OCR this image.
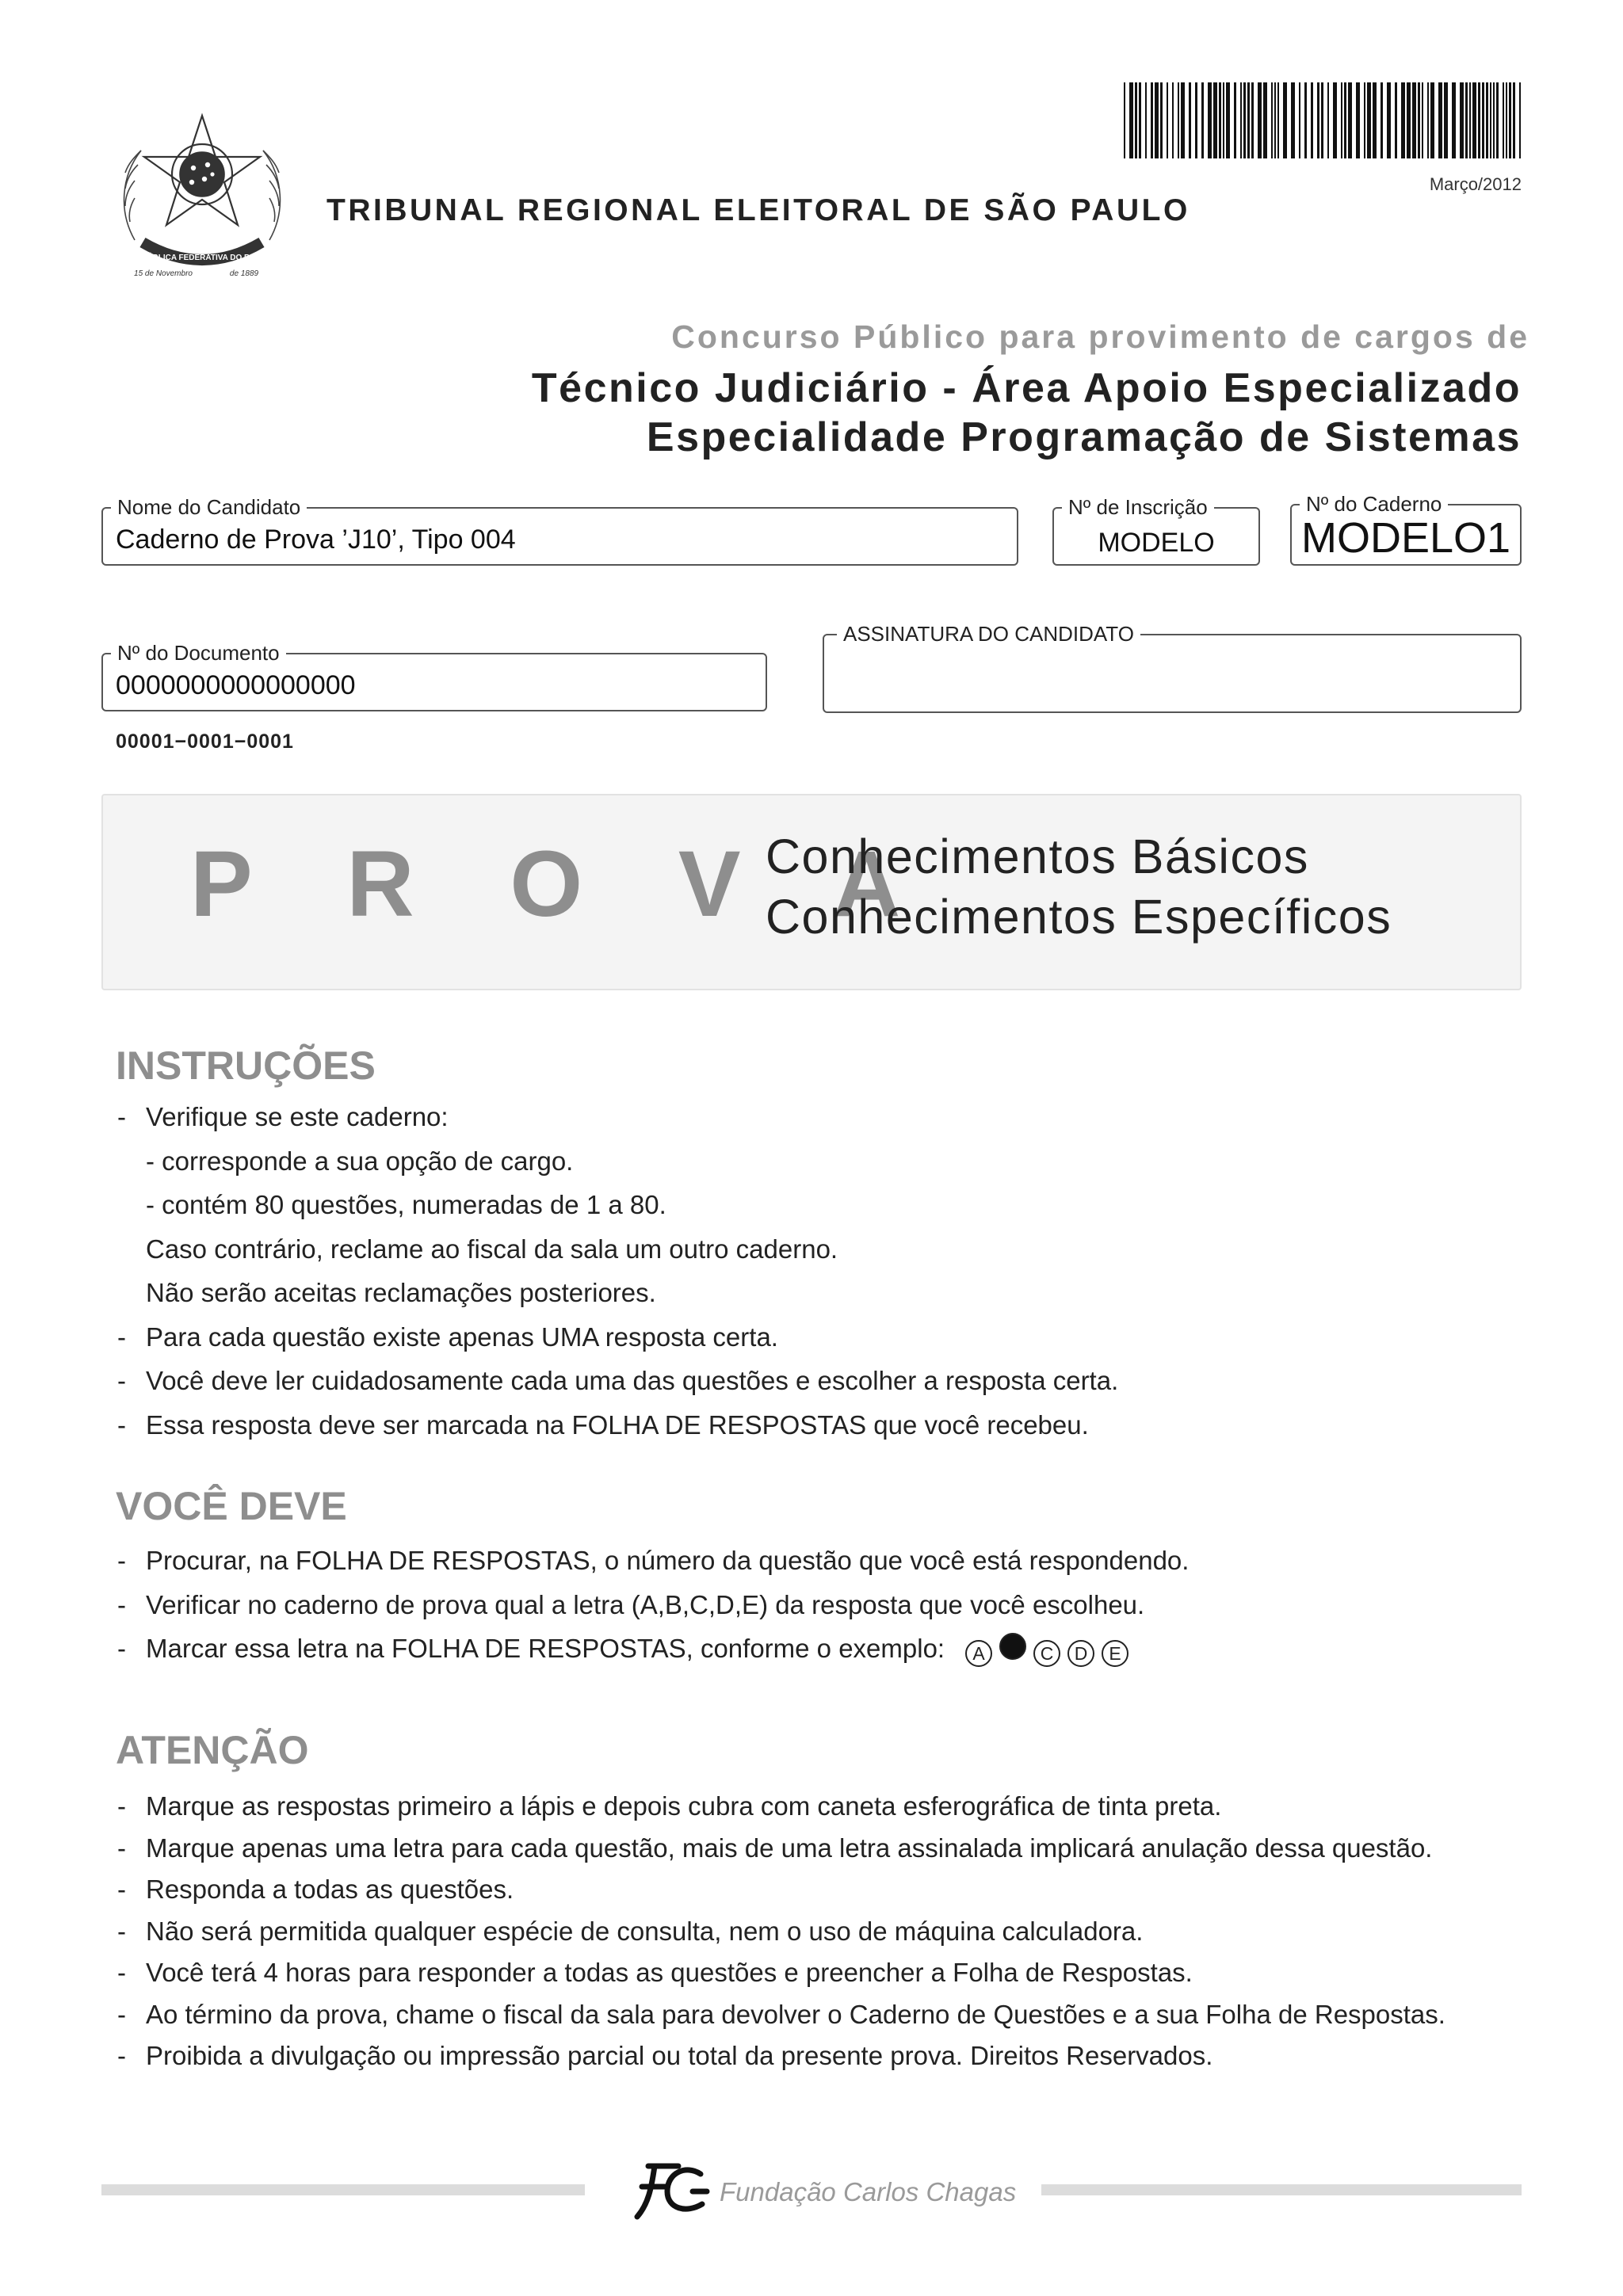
REPÚBLICA FEDERATIVA DO BRASIL
15 de Novembro	de 1889
Março/2012
TRIBUNAL REGIONAL ELEITORAL DE SÃO PAULO
Concurso Público para provimento de cargos de
Técnico Judiciário - Área Apoio Especializado
Especialidade Programação de Sistemas
Nome do Candidato
Caderno de Prova ’J10’, Tipo 004
Nº de Inscrição
MODELO
Nº do Caderno
MODELO1
Nº do Documento
0000000000000000
ASSINATURA DO CANDIDATO
00001−0001−0001
P R O V A
Conhecimentos Básicos
Conhecimentos Específicos
INSTRUÇÕES
- Verifique se este caderno:
- corresponde a sua opção de cargo.
- contém 80 questões, numeradas de 1 a 80.
Caso contrário, reclame ao fiscal da sala um outro caderno.
Não serão aceitas reclamações posteriores.
- Para cada questão existe apenas UMA resposta certa.
- Você deve ler cuidadosamente cada uma das questões e escolher a resposta certa.
- Essa resposta deve ser marcada na FOLHA DE RESPOSTAS que você recebeu.
VOCÊ DEVE
- Procurar, na FOLHA DE RESPOSTAS, o número da questão que você está respondendo.
- Verificar no caderno de prova qual a letra (A,B,C,D,E) da resposta que você escolheu.
- Marcar essa letra na FOLHA DE RESPOSTAS, conforme o exemplo:	A	C D E
ATENÇÃO
- Marque as respostas primeiro a lápis e depois cubra com caneta esferográfica de tinta preta.
- Marque apenas uma letra para cada questão, mais de uma letra assinalada implicará anulação dessa questão.
- Responda a todas as questões.
- Não será permitida qualquer espécie de consulta, nem o uso de máquina calculadora.
- Você terá 4 horas para responder a todas as questões e preencher a Folha de Respostas.
- Ao término da prova, chame o fiscal da sala para devolver o Caderno de Questões e a sua Folha de Respostas.
- Proibida a divulgação ou impressão parcial ou total da presente prova. Direitos Reservados.
Fundação Carlos Chagas
